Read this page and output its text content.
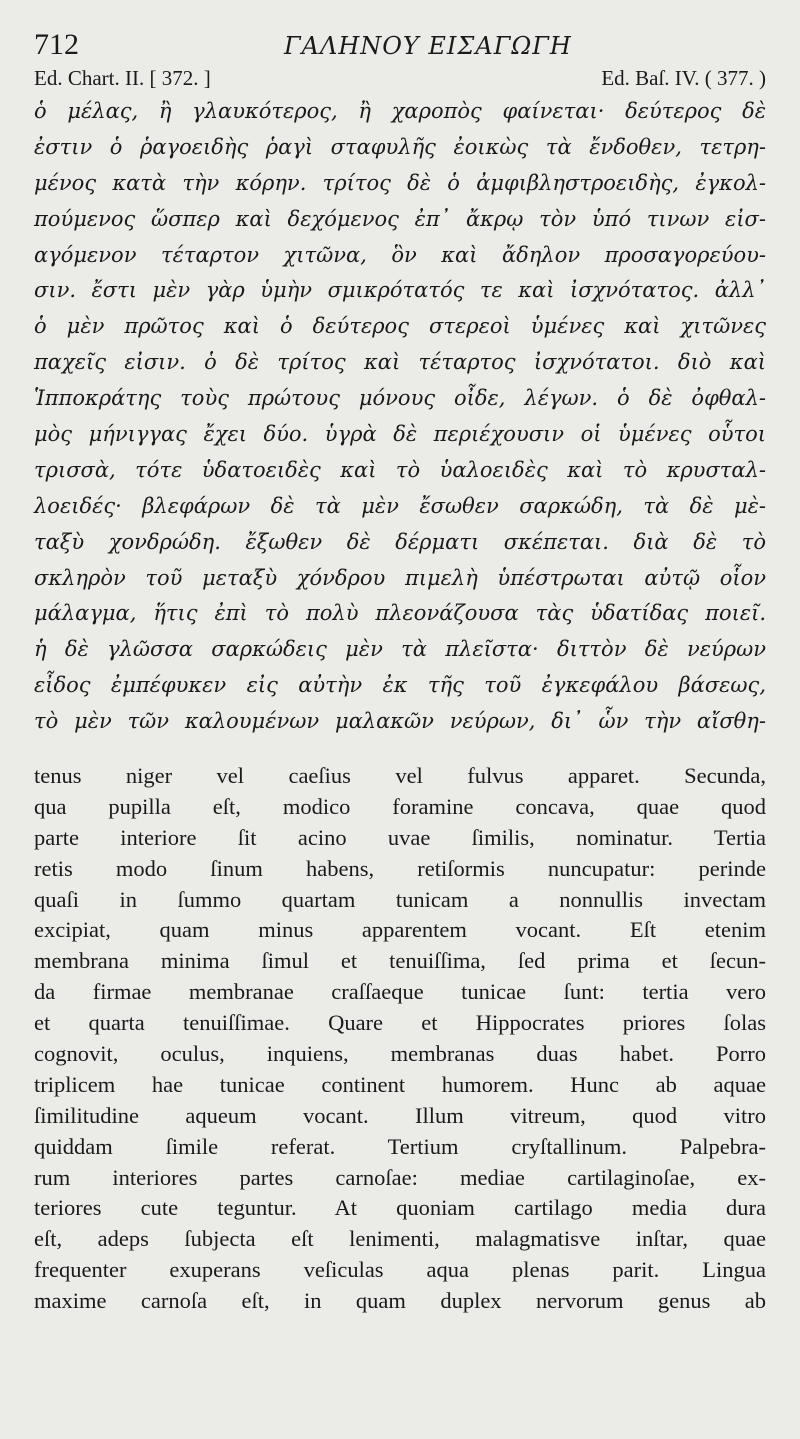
712	ΓΑΛΗΝΟΥ ΕΙΣΑΓΩΓΗ
Ed. Chart. II. [ 372. ]	Ed. Baſ. IV. ( 377. )
ὁ μέλας, ἢ γλαυκότερος, ἢ χαροπὸς φαίνεται· δεύτερος δὲ
ἐστιν ὁ ῥαγοειδὴς ῥαγὶ σταφυλῆς ἐοικὼς τὰ ἔνδοθεν, τετρη-
μένος κατὰ τὴν κόρην. τρίτος δὲ ὁ ἀμφιβληστροειδὴς, ἐγκολ-
πούμενος ὥσπερ καὶ δεχόμενος ἐπ᾽ ἄκρῳ τὸν ὑπό τινων εἰσ-
αγόμενον τέταρτον χιτῶνα, ὃν καὶ ἄδηλον προσαγορεύου-
σιν. ἔστι μὲν γὰρ ὑμὴν σμικρότατός τε καὶ ἰσχνότατος. ἀλλ᾽
ὁ μὲν πρῶτος καὶ ὁ δεύτερος στερεοὶ ὑμένες καὶ χιτῶνες
παχεῖς εἰσιν. ὁ δὲ τρίτος καὶ τέταρτος ἰσχνότατοι. διὸ καὶ
Ἱπποκράτης τοὺς πρώτους μόνους οἶδε, λέγων. ὁ δὲ ὀφθαλ-
μὸς μήνιγγας ἔχει δύο. ὑγρὰ δὲ περιέχουσιν οἱ ὑμένες οὗτοι
τρισσὰ, τότε ὑδατοειδὲς καὶ τὸ ὑαλοειδὲς καὶ τὸ κρυσταλ-
λοειδές· βλεφάρων δὲ τὰ μὲν ἔσωθεν σαρκώδη, τὰ δὲ μὲ-
ταξὺ χονδρώδη. ἔξωθεν δὲ δέρματι σκέπεται. διὰ δὲ τὸ
σκληρὸν τοῦ μεταξὺ χόνδρου πιμελὴ ὑπέστρωται αὐτῷ οἷον
μάλαγμα, ἥτις ἐπὶ τὸ πολὺ πλεονάζουσα τὰς ὑδατίδας ποιεῖ.
ἡ δὲ γλῶσσα σαρκώδεις μὲν τὰ πλεῖστα· διττὸν δὲ νεύρων
εἶδος ἐμπέφυκεν εἰς αὐτὴν ἐκ τῆς τοῦ ἐγκεφάλου βάσεως,
τὸ μὲν τῶν καλουμένων μαλακῶν νεύρων, δι᾽ ὧν τὴν αἴσθη-
tenus niger vel caeſius vel fulvus apparet. Secunda,
qua pupilla eſt, modico foramine concava, quae quod
parte interiore ſit acino uvae ſimilis, nominatur. Tertia
retis modo ſinum habens, retiſormis nuncupatur: perinde
quaſi in ſummo quartam tunicam a nonnullis invectam
excipiat, quam minus apparentem vocant. Eſt etenim
membrana minima ſimul et tenuiſſima, ſed prima et ſecun-
da firmae membranae craſſaeque tunicae ſunt: tertia vero
et quarta tenuiſſimae. Quare et Hippocrates priores ſolas
cognovit, oculus, inquiens, membranas duas habet. Porro
triplicem hae tunicae continent humorem. Hunc ab aquae
ſimilitudine aqueum vocant. Illum vitreum, quod vitro
quiddam ſimile referat. Tertium cryſtallinum. Palpebra-
rum interiores partes carnoſae: mediae cartilaginoſae, ex-
teriores cute teguntur. At quoniam cartilago media dura
eſt, adeps ſubjecta eſt lenimenti, malagmatisve inſtar, quae
frequenter exuperans veſiculas aqua plenas parit. Lingua
maxime carnoſa eſt, in quam duplex nervorum genus ab
